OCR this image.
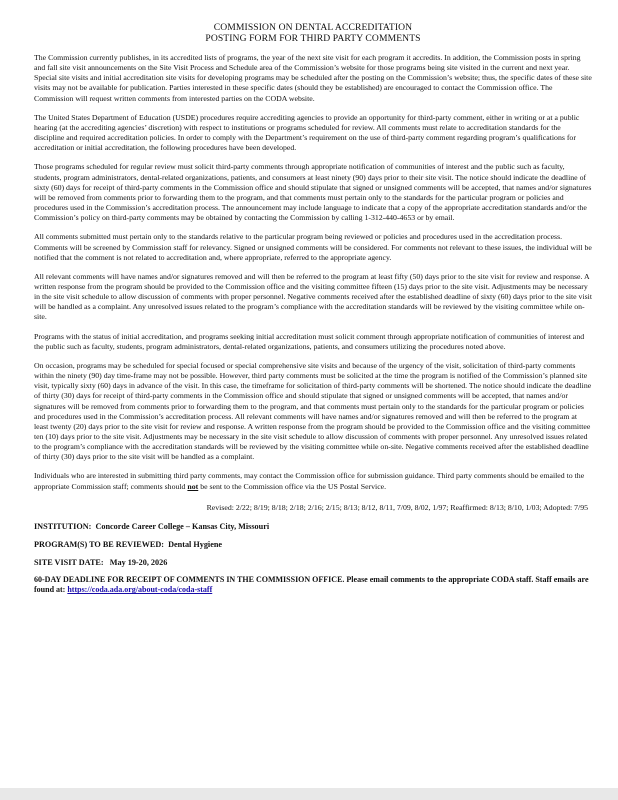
COMMISSION ON DENTAL ACCREDITATION
POSTING FORM FOR THIRD PARTY COMMENTS

The Commission currently publishes, in its accredited lists of programs, the year of the next site visit for each program it accredits. In addition, the Commission posts in spring and fall site visit announcements on the Site Visit Process and Schedule area of the Commission’s website for those programs being site visited in the current and next year. Special site visits and initial accreditation site visits for developing programs may be scheduled after the posting on the Commission’s website; thus, the specific dates of these site visits may not be available for publication. Parties interested in these specific dates (should they be established) are encouraged to contact the Commission office. The Commission will request written comments from interested parties on the CODA website.

The United States Department of Education (USDE) procedures require accrediting agencies to provide an opportunity for third-party comment, either in writing or at a public hearing (at the accrediting agencies’ discretion) with respect to institutions or programs scheduled for review. All comments must relate to accreditation standards for the discipline and required accreditation policies. In order to comply with the Department’s requirement on the use of third-party comment regarding program’s qualifications for accreditation or initial accreditation, the following procedures have been developed.

Those programs scheduled for regular review must solicit third-party comments through appropriate notification of communities of interest and the public such as faculty, students, program administrators, dental-related organizations, patients, and consumers at least ninety (90) days prior to their site visit. The notice should indicate the deadline of sixty (60) days for receipt of third-party comments in the Commission office and should stipulate that signed or unsigned comments will be accepted, that names and/or signatures will be removed from comments prior to forwarding them to the program, and that comments must pertain only to the standards for the particular program or policies and procedures used in the Commission’s accreditation process. The announcement may include language to indicate that a copy of the appropriate accreditation standards and/or the Commission’s policy on third-party comments may be obtained by contacting the Commission by calling 1-312-440-4653 or by email.

All comments submitted must pertain only to the standards relative to the particular program being reviewed or policies and procedures used in the accreditation process. Comments will be screened by Commission staff for relevancy. Signed or unsigned comments will be considered. For comments not relevant to these issues, the individual will be notified that the comment is not related to accreditation and, where appropriate, referred to the appropriate agency.

All relevant comments will have names and/or signatures removed and will then be referred to the program at least fifty (50) days prior to the site visit for review and response. A written response from the program should be provided to the Commission office and the visiting committee fifteen (15) days prior to the site visit. Adjustments may be necessary in the site visit schedule to allow discussion of comments with proper personnel. Negative comments received after the established deadline of sixty (60) days prior to the site visit will be handled as a complaint. Any unresolved issues related to the program’s compliance with the accreditation standards will be reviewed by the visiting committee while on-site.

Programs with the status of initial accreditation, and programs seeking initial accreditation must solicit comment through appropriate notification of communities of interest and the public such as faculty, students, program administrators, dental-related organizations, patients, and consumers utilizing the procedures noted above.

On occasion, programs may be scheduled for special focused or special comprehensive site visits and because of the urgency of the visit, solicitation of third-party comments within the ninety (90) day time-frame may not be possible. However, third party comments must be solicited at the time the program is notified of the Commission’s planned site visit, typically sixty (60) days in advance of the visit. In this case, the timeframe for solicitation of third-party comments will be shortened. The notice should indicate the deadline of thirty (30) days for receipt of third-party comments in the Commission office and should stipulate that signed or unsigned comments will be accepted, that names and/or signatures will be removed from comments prior to forwarding them to the program, and that comments must pertain only to the standards for the particular program or policies and procedures used in the Commission’s accreditation process. All relevant comments will have names and/or signatures removed and will then be referred to the program at least twenty (20) days prior to the site visit for review and response. A written response from the program should be provided to the Commission office and the visiting committee ten (10) days prior to the site visit. Adjustments may be necessary in the site visit schedule to allow discussion of comments with proper personnel. Any unresolved issues related to the program’s compliance with the accreditation standards will be reviewed by the visiting committee while on-site. Negative comments received after the established deadline of thirty (30) days prior to the site visit will be handled as a complaint.

Individuals who are interested in submitting third party comments, may contact the Commission office for submission guidance. Third party comments should be emailed to the appropriate Commission staff; comments should not be sent to the Commission office via the US Postal Service.

Revised: 2/22; 8/19; 8/18; 2/18; 2/16; 2/15; 8/13; 8/12, 8/11, 7/09, 8/02, 1/97; Reaffirmed: 8/13; 8/10, 1/03; Adopted: 7/95
INSTITUTION: Concorde Career College – Kansas City, Missouri
PROGRAM(S) TO BE REVIEWED: Dental Hygiene
SITE VISIT DATE: May 19-20, 2026

60-DAY DEADLINE FOR RECEIPT OF COMMENTS IN THE COMMISSION OFFICE. Please email comments to the appropriate CODA staff. Staff emails are found at: https://coda.ada.org/about-coda/coda-staff
